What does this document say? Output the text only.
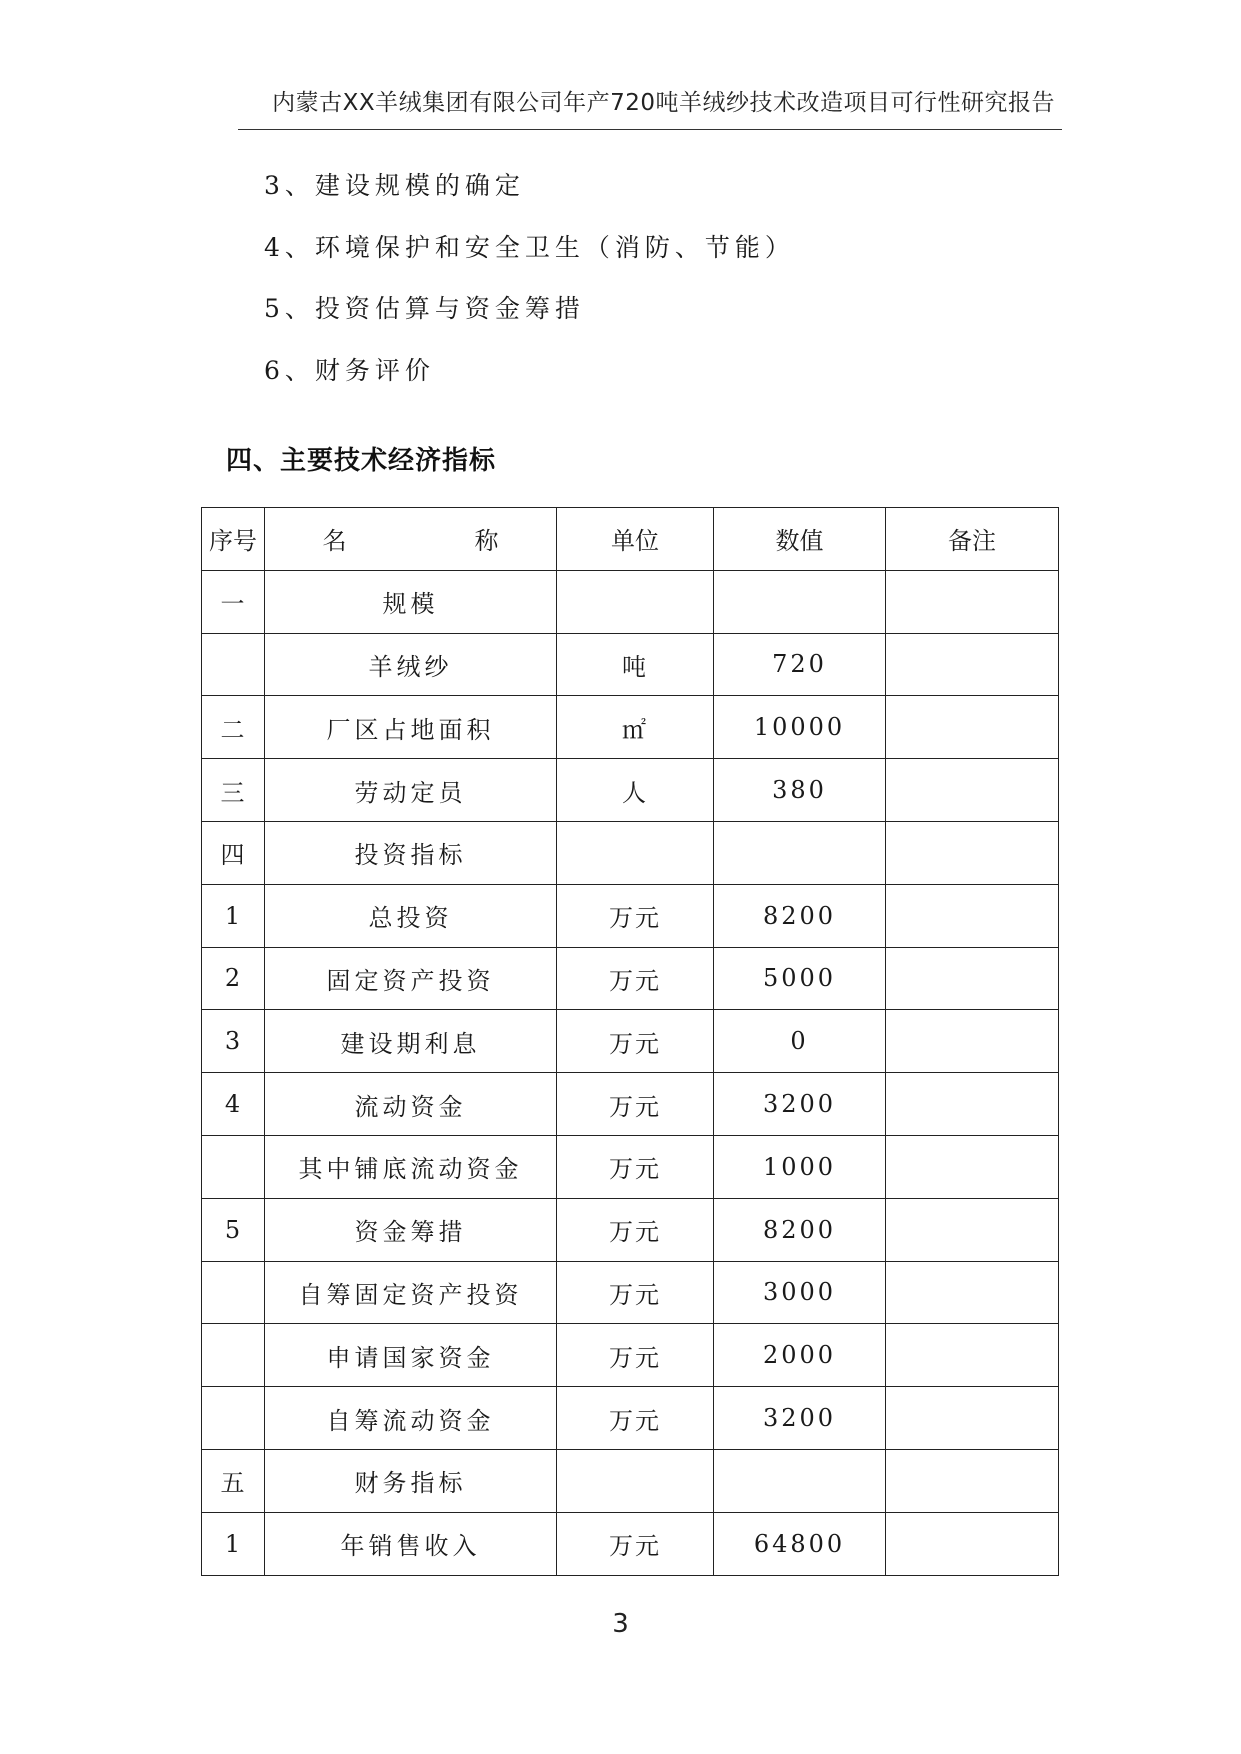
内蒙古XX羊绒集团有限公司年产720吨羊绒纱技术改造项目可行性研究报告
3、建设规模的确定
4、环境保护和安全卫生（消防、节能）
5、投资估算与资金筹措
6、财务评价
四、主要技术经济指标
序号	名 称	单位	数值	备注
一	规模			
	羊绒纱	吨	720	
二	厂区占地面积	㎡	10000	
三	劳动定员	人	380	
四	投资指标			
1	总投资	万元	8200	
2	固定资产投资	万元	5000	
3	建设期利息	万元	0	
4	流动资金	万元	3200	
	其中铺底流动资金	万元	1000	
5	资金筹措	万元	8200	
	自筹固定资产投资	万元	3000	
	申请国家资金	万元	2000	
	自筹流动资金	万元	3200	
五	财务指标			
1	年销售收入	万元	64800	
3
